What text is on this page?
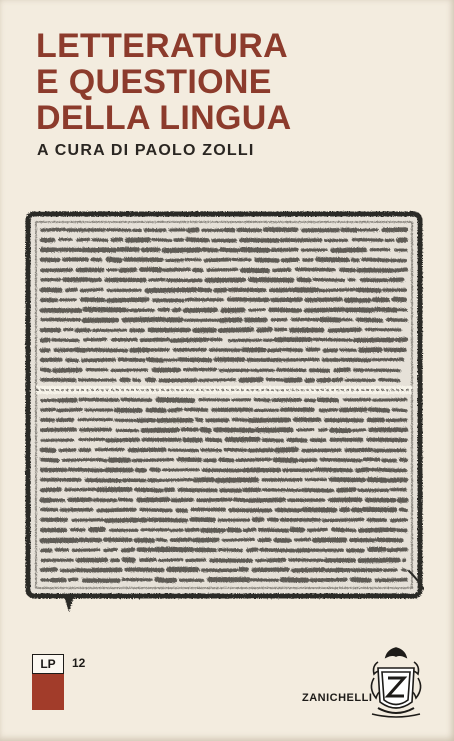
LETTERATURA
E QUESTIONE
DELLA LINGUA

A CURA DI PAOLO ZOLLI

LP	12
ZANICHELLI
